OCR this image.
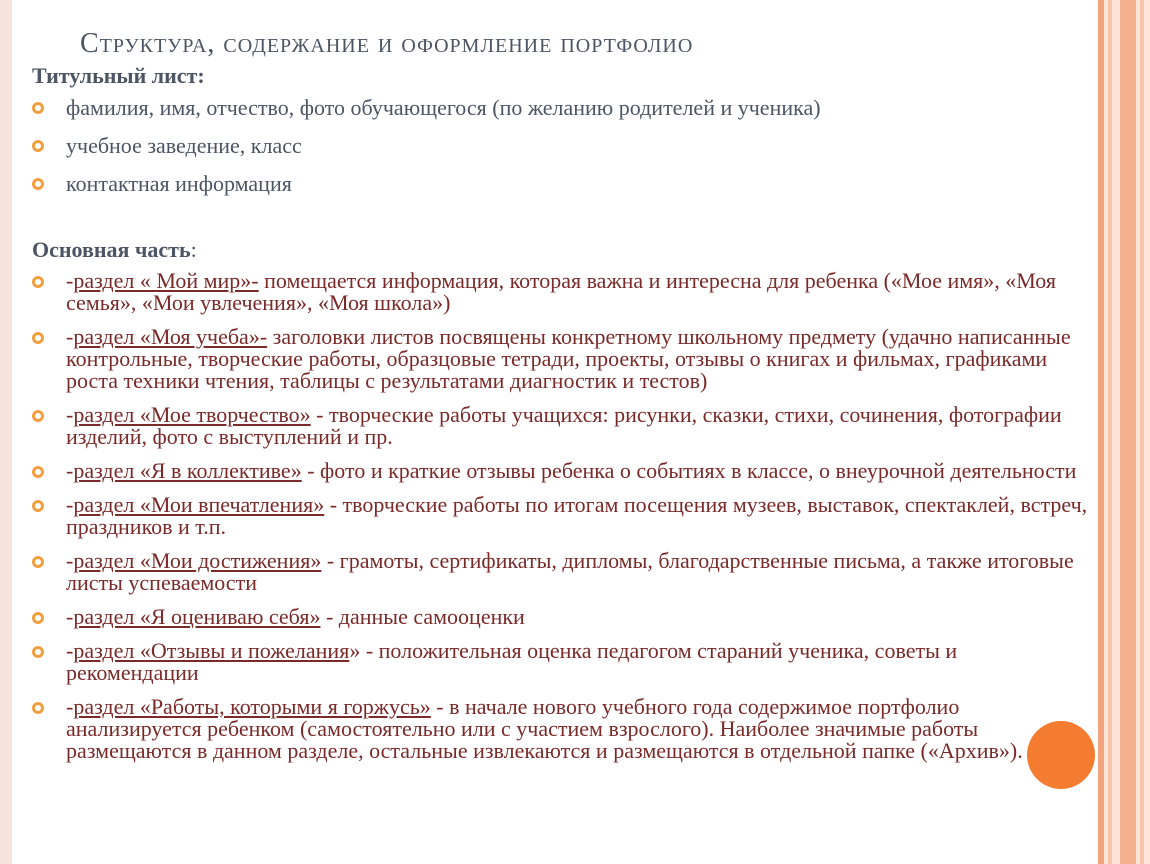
Структура, содержание и оформление портфолио
Титульный лист:
фамилия, имя, отчество, фото обучающегося (по желанию родителей и ученика)
учебное заведение, класс
контактная информация
Основная часть:
-раздел « Мой мир»- помещается информация, которая важна и интересна для ребенка («Мое имя», «Моя семья», «Мои увлечения», «Моя школа»)
-раздел «Моя учеба»- заголовки листов посвящены конкретному школьному предмету (удачно написанные контрольные, творческие работы, образцовые тетради, проекты, отзывы о книгах и фильмах, графиками роста техники чтения, таблицы с результатами диагностик и тестов)
-раздел «Мое творчество» - творческие работы учащихся: рисунки, сказки, стихи, сочинения, фотографии изделий, фото с выступлений и пр.
-раздел «Я в коллективе» - фото и краткие отзывы ребенка о событиях в классе, о внеурочной деятельности
-раздел «Мои впечатления» - творческие работы по итогам посещения музеев, выставок, спектаклей, встреч, праздников и т.п.
-раздел «Мои достижения» - грамоты, сертификаты, дипломы, благодарственные письма, а также итоговые листы успеваемости
-раздел «Я оцениваю себя» - данные самооценки
-раздел «Отзывы и пожелания» - положительная оценка педагогом стараний ученика, советы и рекомендации
-раздел «Работы, которыми я горжусь» - в начале нового учебного года содержимое портфолио анализируется ребенком (самостоятельно или с участием взрослого). Наиболее значимые работы размещаются в данном разделе, остальные извлекаются и размещаются в отдельной папке («Архив»).
